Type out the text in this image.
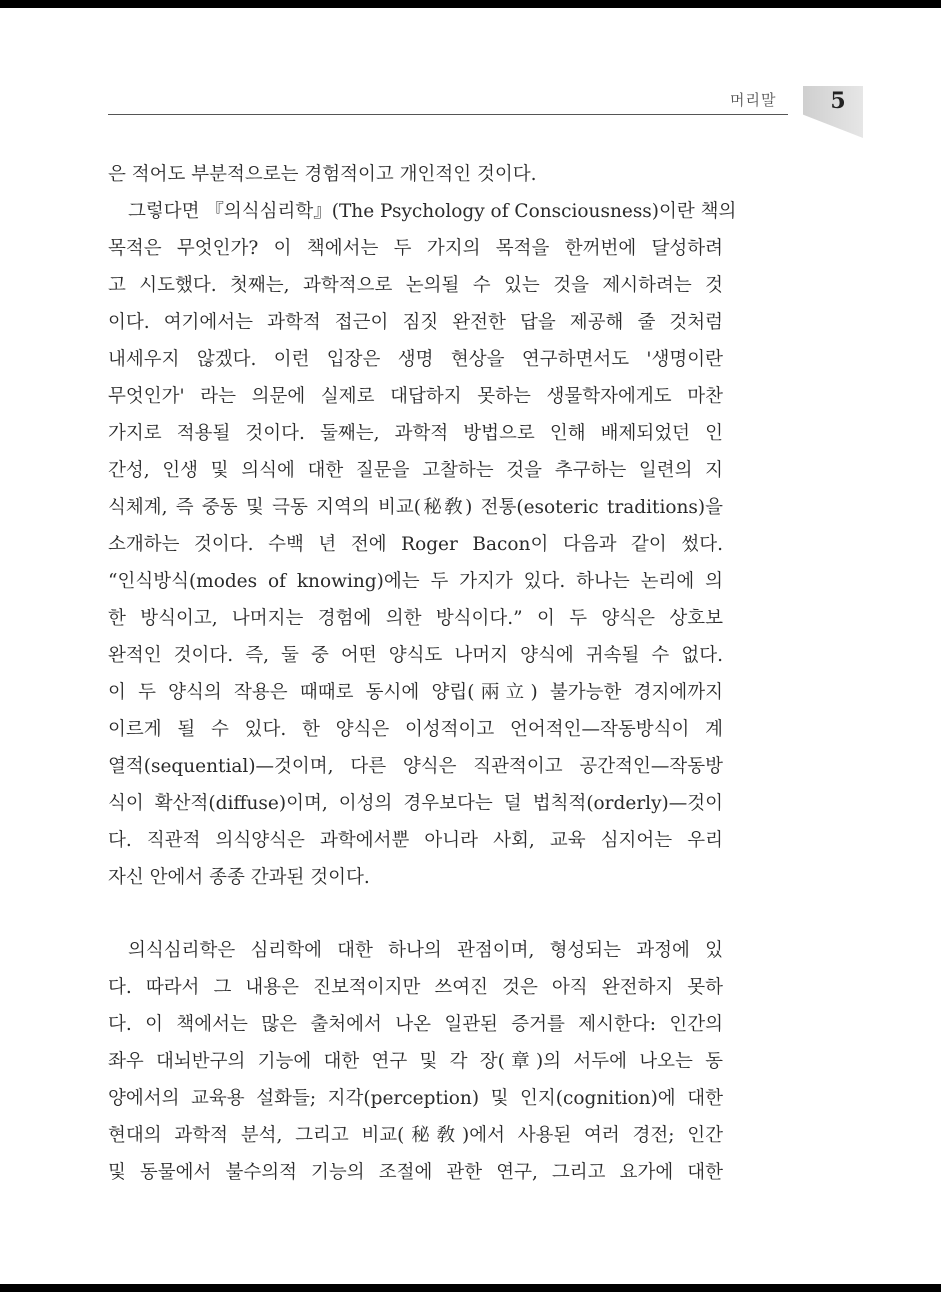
머리말	5
은 적어도 부분적으로는 경험적이고 개인적인 것이다.
그렇다면 『의식심리학』(The Psychology of Consciousness)이란 책의
목적은 무엇인가? 이 책에서는 두 가지의 목적을 한꺼번에 달성하려
고 시도했다. 첫째는, 과학적으로 논의될 수 있는 것을 제시하려는 것
이다. 여기에서는 과학적 접근이 짐짓 완전한 답을 제공해 줄 것처럼
내세우지 않겠다. 이런 입장은 생명 현상을 연구하면서도 '생명이란
무엇인가' 라는 의문에 실제로 대답하지 못하는 생물학자에게도 마찬
가지로 적용될 것이다. 둘째는, 과학적 방법으로 인해 배제되었던 인
간성, 인생 및 의식에 대한 질문을 고찰하는 것을 추구하는 일련의 지
식체계, 즉 중동 및 극동 지역의 비교(秘敎) 전통(esoteric traditions)을
소개하는 것이다. 수백 년 전에 Roger Bacon이 다음과 같이 썼다.
“인식방식(modes of knowing)에는 두 가지가 있다. 하나는 논리에 의
한 방식이고, 나머지는 경험에 의한 방식이다.” 이 두 양식은 상호보
완적인 것이다. 즉, 둘 중 어떤 양식도 나머지 양식에 귀속될 수 없다.
이 두 양식의 작용은 때때로 동시에 양립(兩立) 불가능한 경지에까지
이르게 될 수 있다. 한 양식은 이성적이고 언어적인—작동방식이 계
열적(sequential)—것이며, 다른 양식은 직관적이고 공간적인—작동방
식이 확산적(diffuse)이며, 이성의 경우보다는 덜 법칙적(orderly)—것이
다. 직관적 의식양식은 과학에서뿐 아니라 사회, 교육 심지어는 우리
자신 안에서 종종 간과된 것이다.
의식심리학은 심리학에 대한 하나의 관점이며, 형성되는 과정에 있
다. 따라서 그 내용은 진보적이지만 쓰여진 것은 아직 완전하지 못하
다. 이 책에서는 많은 출처에서 나온 일관된 증거를 제시한다: 인간의
좌우 대뇌반구의 기능에 대한 연구 및 각 장(章)의 서두에 나오는 동
양에서의 교육용 설화들; 지각(perception) 및 인지(cognition)에 대한
현대의 과학적 분석, 그리고 비교(秘敎)에서 사용된 여러 경전; 인간
및 동물에서 불수의적 기능의 조절에 관한 연구, 그리고 요가에 대한
